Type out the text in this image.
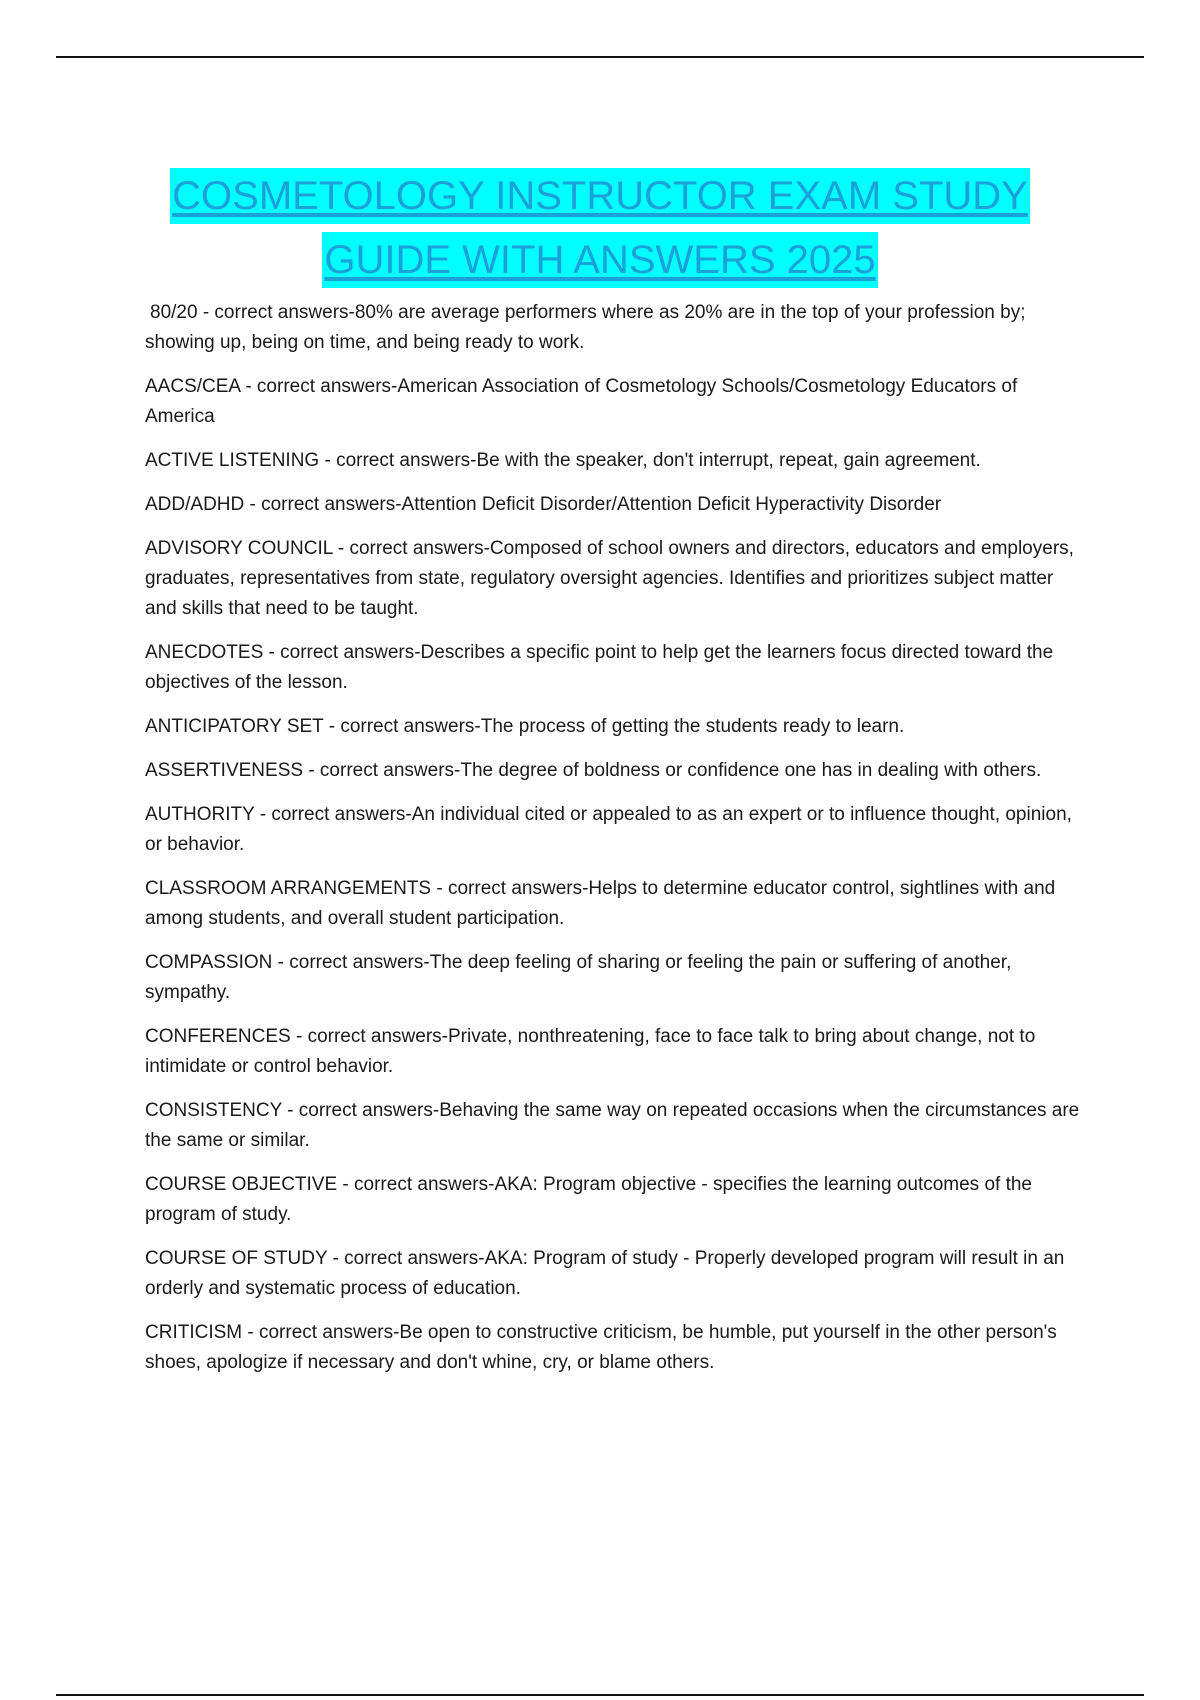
COSMETOLOGY INSTRUCTOR EXAM STUDY
GUIDE WITH ANSWERS 2025

80/20 - correct answers-80% are average performers where as 20% are in the top of your profession by; showing up, being on time, and being ready to work.

AACS/CEA - correct answers-American Association of Cosmetology Schools/Cosmetology Educators of America

ACTIVE LISTENING - correct answers-Be with the speaker, don't interrupt, repeat, gain agreement.

ADD/ADHD - correct answers-Attention Deficit Disorder/Attention Deficit Hyperactivity Disorder

ADVISORY COUNCIL - correct answers-Composed of school owners and directors, educators and employers, graduates, representatives from state, regulatory oversight agencies. Identifies and prioritizes subject matter and skills that need to be taught.

ANECDOTES - correct answers-Describes a specific point to help get the learners focus directed toward the objectives of the lesson.

ANTICIPATORY SET - correct answers-The process of getting the students ready to learn.

ASSERTIVENESS - correct answers-The degree of boldness or confidence one has in dealing with others.

AUTHORITY - correct answers-An individual cited or appealed to as an expert or to influence thought, opinion, or behavior.

CLASSROOM ARRANGEMENTS - correct answers-Helps to determine educator control, sightlines with and among students, and overall student participation.

COMPASSION - correct answers-The deep feeling of sharing or feeling the pain or suffering of another, sympathy.

CONFERENCES - correct answers-Private, nonthreatening, face to face talk to bring about change, not to intimidate or control behavior.

CONSISTENCY - correct answers-Behaving the same way on repeated occasions when the circumstances are the same or similar.

COURSE OBJECTIVE - correct answers-AKA: Program objective - specifies the learning outcomes of the program of study.

COURSE OF STUDY - correct answers-AKA: Program of study - Properly developed program will result in an orderly and systematic process of education.

CRITICISM - correct answers-Be open to constructive criticism, be humble, put yourself in the other person's shoes, apologize if necessary and don't whine, cry, or blame others.
